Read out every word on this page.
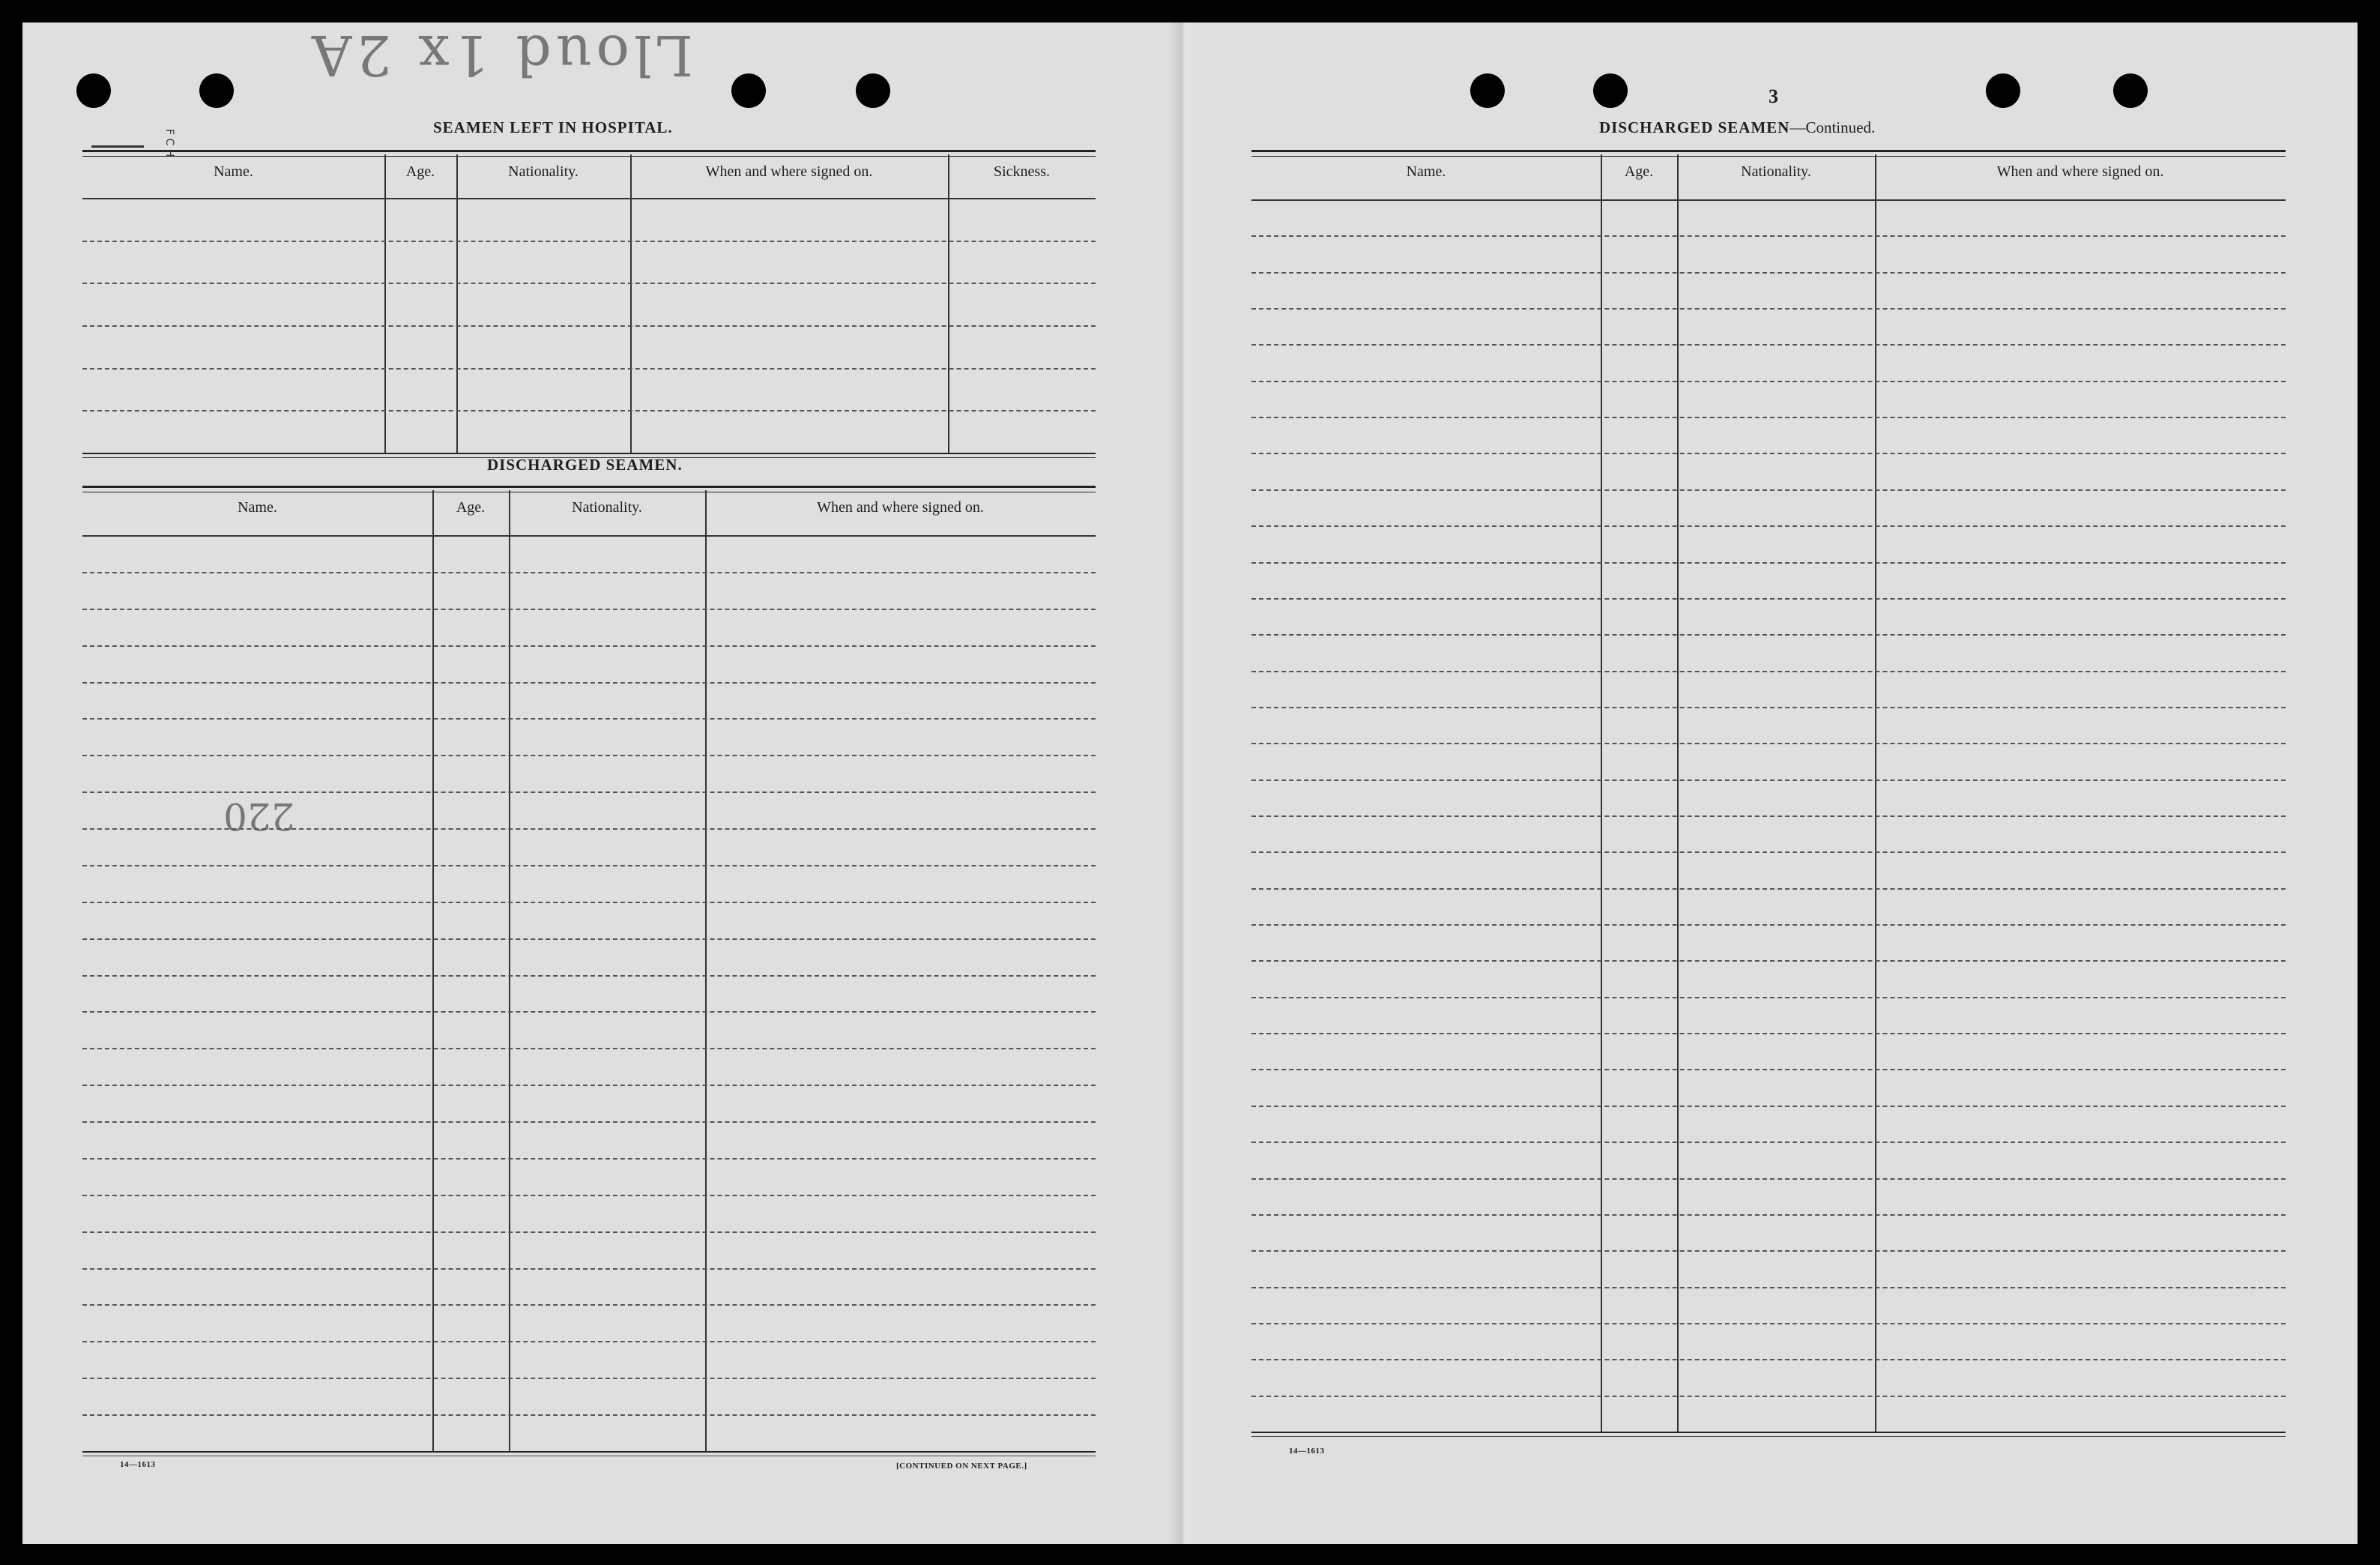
Lloud 1x 2A
220
F C H
SEAMEN LEFT IN HOSPITAL.
Name.	Age.	Nationality.	When and where signed on.	Sickness.
DISCHARGED SEAMEN.
Name.	Age.	Nationality.	When and where signed on.
14—1613	[CONTINUED ON NEXT PAGE.]
3
DISCHARGED SEAMEN—Continued.
Name.	Age.	Nationality.	When and where signed on.
14—1613
